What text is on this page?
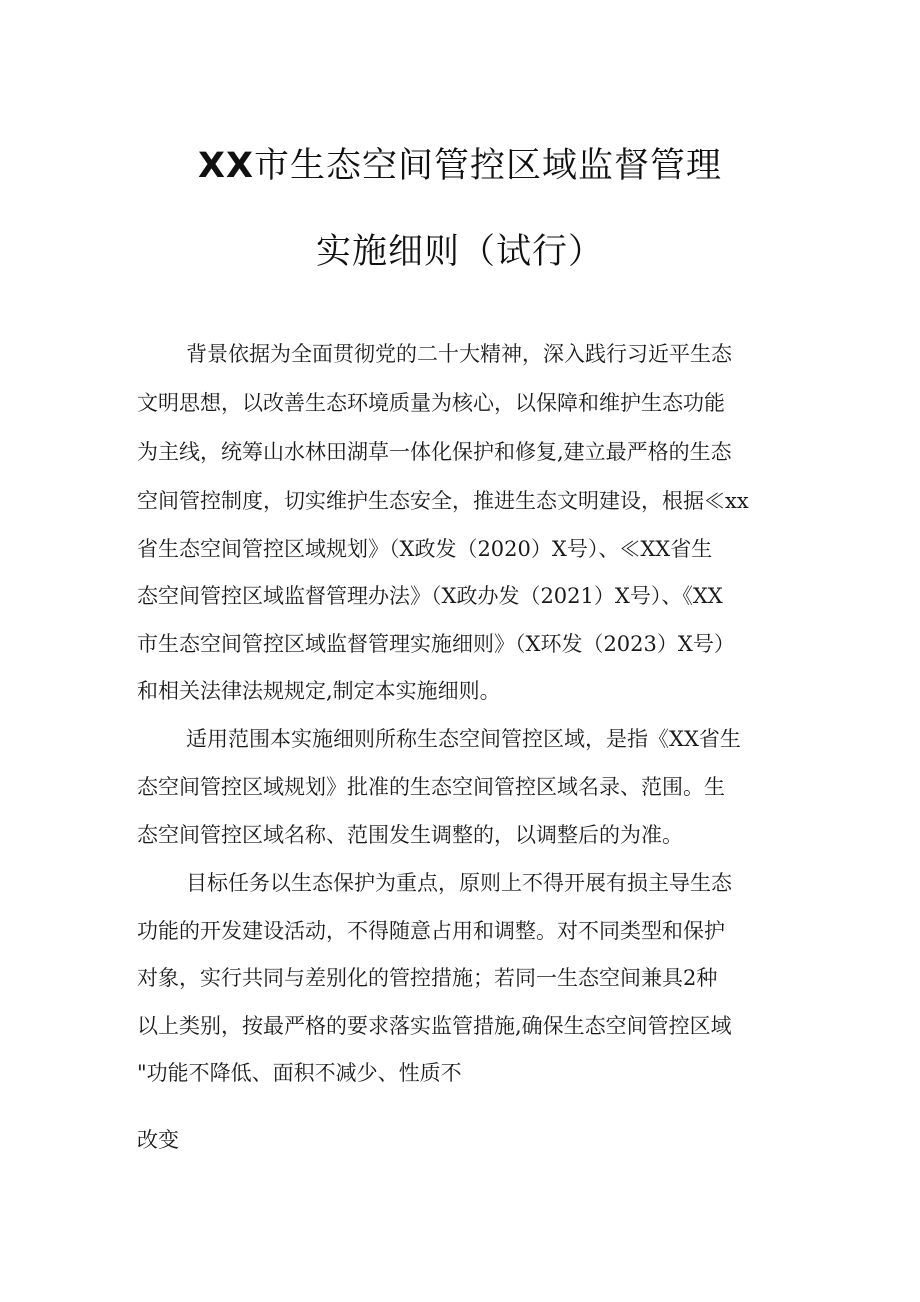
XX市生态空间管控区域监督管理
实施细则（试行）
背景依据为全面贯彻党的二十大精神，深入践行习近平生态
文明思想，以改善生态环境质量为核心，以保障和维护生态功能
为主线，统筹山水林田湖草一体化保护和修复,建立最严格的生态
空间管控制度，切实维护生态安全，推进生态文明建设，根据≪xx
省生态空间管控区域规划》（X政发（2020）X号）、≪XX省生
态空间管控区域监督管理办法》（X政办发（2021）X号）、《XX
市生态空间管控区域监督管理实施细则》（X环发（2023）X号）
和相关法律法规规定,制定本实施细则。
适用范围本实施细则所称生态空间管控区域，是指《XX省生
态空间管控区域规划》批准的生态空间管控区域名录、范围。生
态空间管控区域名称、范围发生调整的，以调整后的为准。
目标任务以生态保护为重点，原则上不得开展有损主导生态
功能的开发建设活动，不得随意占用和调整。对不同类型和保护
对象，实行共同与差别化的管控措施；若同一生态空间兼具2种
以上类别，按最严格的要求落实监管措施,确保生态空间管控区域
"功能不降低、面积不减少、性质不
改变
